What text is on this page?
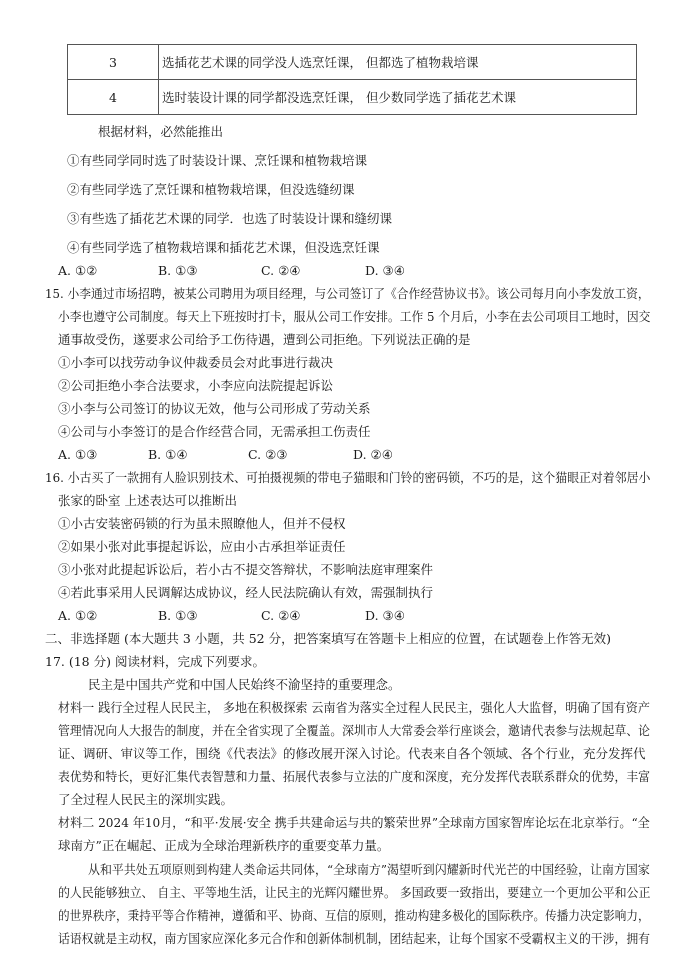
3	选插花艺术课的同学没人选烹饪课， 但都选了植物栽培课
4	选时装设计课的同学都没选烹饪课， 但少数同学选了插花艺术课
根据材料，必然能推出
①有些同学同时选了时装设计课、烹饪课和植物栽培课
②有些同学选了烹饪课和植物栽培课，但没选缝纫课
③有些选了插花艺术课的同学．也选了时装设计课和缝纫课
④有些同学选了植物栽培课和插花艺术课，但没选烹饪课
A. ①②	B. ①③	C. ②④	D. ③④
15. 小李通过市场招聘，被某公司聘用为项目经理，与公司签订了《合作经营协议书》。该公司每月向小李发放工资，
小李也遵守公司制度。每天上下班按时打卡，服从公司工作安排。工作 5 个月后，小李在去公司项目工地时，因交
通事故受伤，遂要求公司给予工伤待遇，遭到公司拒绝。下列说法正确的是
①小李可以找劳动争议仲裁委员会对此事进行裁决
②公司拒绝小李合法要求，小李应向法院提起诉讼
③小李与公司签订的协议无效，他与公司形成了劳动关系
④公司与小李签订的是合作经营合同，无需承担工伤责任
A. ①③	B. ①④	C. ②③	D. ②④
16. 小古买了一款拥有人脸识别技术、可拍摄视频的带电子猫眼和门铃的密码锁，不巧的是，这个猫眼正对着邻居小
张家的卧室 上述表达可以推断出
①小古安装密码锁的行为虽未照瞭他人，但并不侵权
②如果小张对此事提起诉讼，应由小古承担举证责任
③小张对此提起诉讼后，若小古不提交答辩状，不影响法庭审理案件
④若此事采用人民调解达成协议，经人民法院确认有效，需强制执行
A. ①②	B. ①③	C. ②④	D. ③④
二、非选择题 (本大题共 3 小题，共 52 分，把答案填写在答题卡上相应的位置，在试题卷上作答无效)
17. (18 分) 阅读材料，完成下列要求。
民主是中国共产党和中国人民始终不渝坚持的重要理念。
材料一 践行全过程人民民主， 多地在积极探索 云南省为落实全过程人民民主，强化人大监督，明确了国有资产
管理情况向人大报告的制度，并在全省实现了全覆盖。深圳市人大常委会举行座谈会，邀请代表参与法规起草、论
证、调研、审议等工作，围绕《代表法》的修改展开深入讨论。代表来自各个领域、各个行业，充分发挥代
表优势和特长，更好汇集代表智慧和力量、拓展代表参与立法的广度和深度，充分发挥代表联系群众的优势，丰富
了全过程人民民主的深圳实践。
材料二 2024 年10月，“和平·发展·安全 携手共建命运与共的繁荣世界”全球南方国家智库论坛在北京举行。“全
球南方”正在崛起、正成为全球治理新秩序的重要变革力量。
从和平共处五项原则到构建人类命运共同体，“全球南方”渴望听到闪耀新时代光芒的中国经验，让南方国家
的人民能够独立、 自主、平等地生活，让民主的光辉闪耀世界。 多国政要一致指出，要建立一个更加公平和公正
的世界秩序，秉持平等合作精神，遵循和平、协商、互信的原则，推动构建多极化的国际秩序。传播力决定影响力，
话语权就是主动权，南方国家应深化多元合作和创新体制机制，团结起来，让每个国家不受霸权主义的干涉，拥有
